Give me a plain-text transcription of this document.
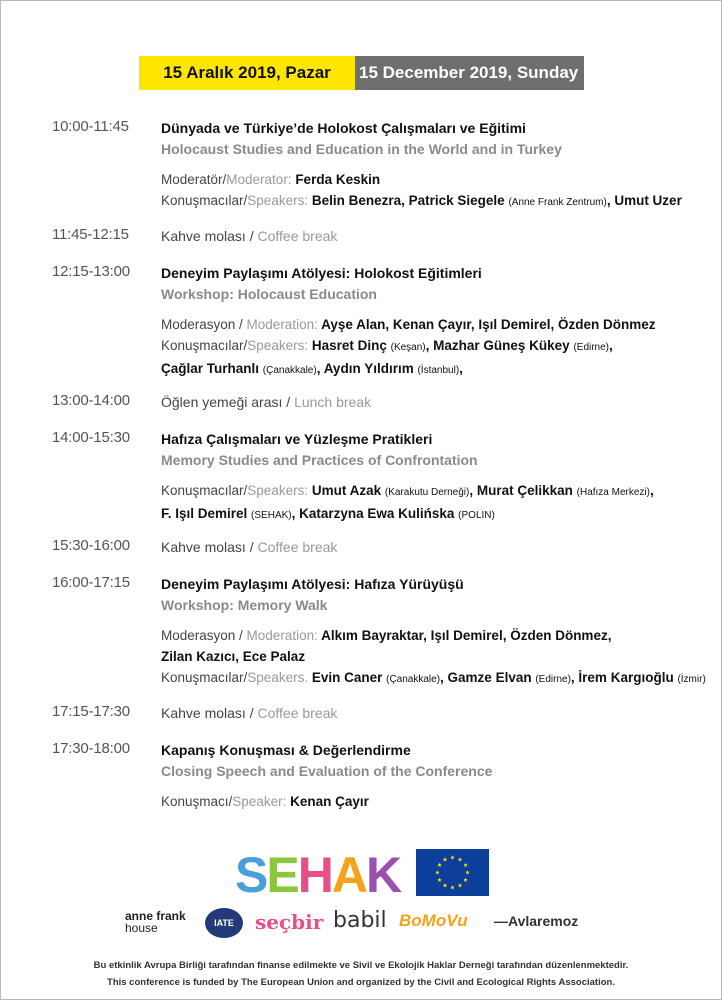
15 Aralık 2019, Pazar	15 December 2019, Sunday
10:00-11:45 Dünyada ve Türkiye’de Holokost Çalışmaları ve Eğitimi
Holocaust Studies and Education in the World and in Turkey
Moderatör/Moderator: Ferda Keskin
Konuşmacılar/Speakers: Belin Benezra, Patrick Siegele (Anne Frank Zentrum), Umut Uzer
11:45-12:15 Kahve molası / Coffee break
12:15-13:00 Deneyim Paylaşımı Atölyesi: Holokost Eğitimleri
Workshop: Holocaust Education
Moderasyon / Moderation: Ayşe Alan, Kenan Çayır, Işıl Demirel, Özden Dönmez
Konuşmacılar/Speakers: Hasret Dinç (Keşan), Mazhar Güneş Kükey (Edirne),
Çağlar Turhanlı (Çanakkale), Aydın Yıldırım (İstanbul),
13:00-14:00 Öğlen yemeği arası / Lunch break
14:00-15:30 Hafıza Çalışmaları ve Yüzleşme Pratikleri
Memory Studies and Practices of Confrontation
Konuşmacılar/Speakers: Umut Azak (Karakutu Derneği), Murat Çelikkan (Hafıza Merkezi),
F. Işıl Demirel (SEHAK), Katarzyna Ewa Kulińska (POLIN)
15:30-16:00 Kahve molası / Coffee break
16:00-17:15 Deneyim Paylaşımı Atölyesi: Hafıza Yürüyüşü
Workshop: Memory Walk
Moderasyon / Moderation: Alkım Bayraktar, Işıl Demirel, Özden Dönmez,
Zilan Kazıcı, Ece Palaz
Konuşmacılar/Speakers. Evin Caner (Çanakkale), Gamze Elvan (Edirne), İrem Kargıoğlu (İzmir)
17:15-17:30 Kahve molası / Coffee break
17:30-18:00 Kapanış Konuşması & Değerlendirme
Closing Speech and Evaluation of the Conference
Konuşmacı/Speaker: Kenan Çayır
S E H A K
anne frank
house	IATE	seçbir babil BoMoVu —Avlaremoz
Bu etkinlik Avrupa Birliği tarafından finanse edilmekte ve Sivil ve Ekolojik Haklar Derneği tarafından düzenlenmektedir.
This conference is funded by The European Union and organized by the Civil and Ecological Rights Association.
